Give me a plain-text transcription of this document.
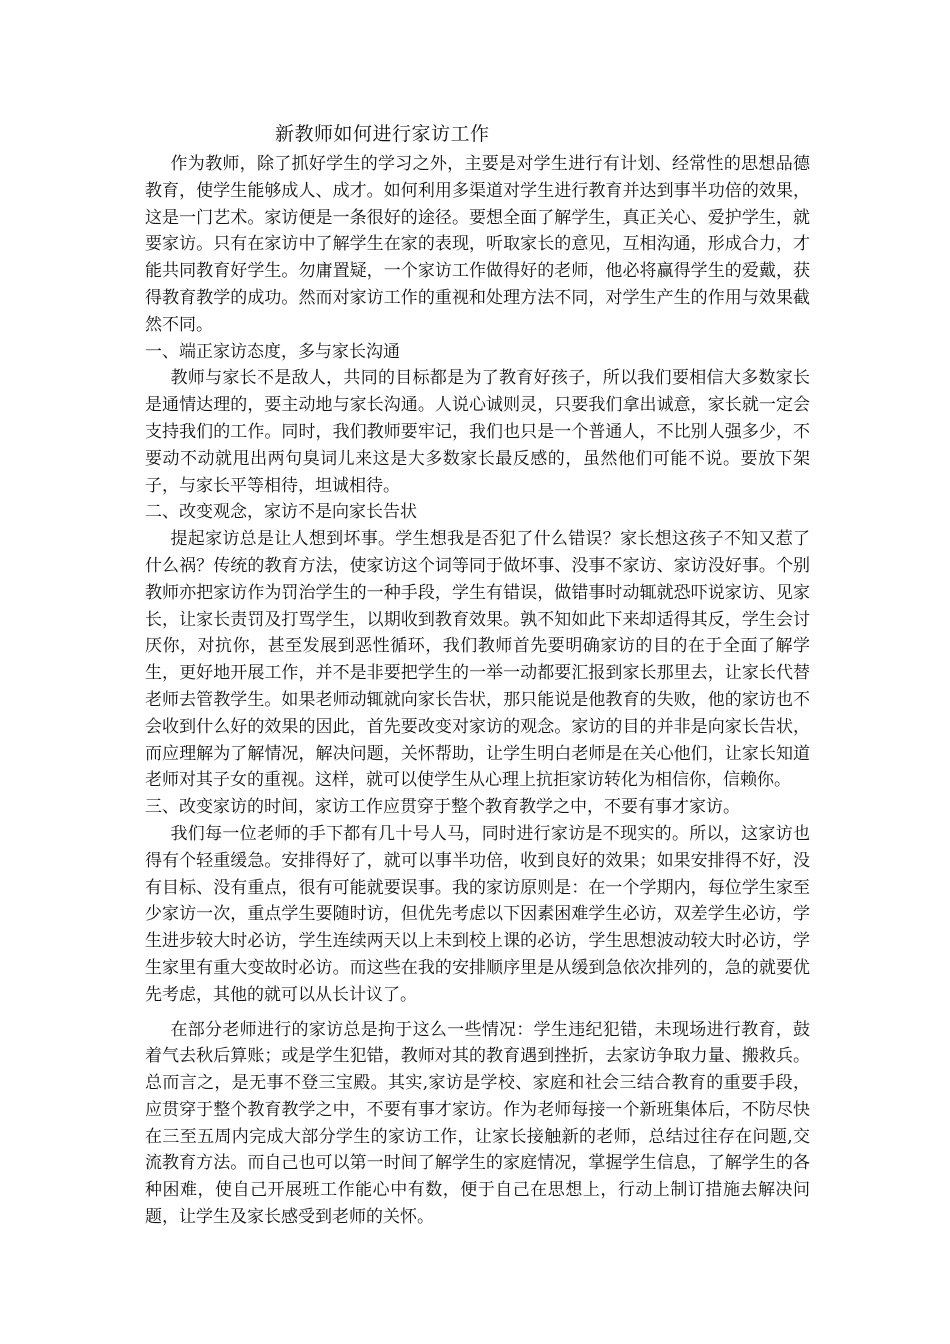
新教师如何进行家访工作

作为教师，除了抓好学生的学习之外，主要是对学生进行有计划、经常性的思想品德教育，使学生能够成人、成才。如何利用多渠道对学生进行教育并达到事半功倍的效果，这是一门艺术。家访便是一条很好的途径。要想全面了解学生，真正关心、爱护学生，就要家访。只有在家访中了解学生在家的表现，听取家长的意见，互相沟通，形成合力，才能共同教育好学生。勿庸置疑，一个家访工作做得好的老师，他必将赢得学生的爱戴，获得教育教学的成功。然而对家访工作的重视和处理方法不同，对学生产生的作用与效果截然不同。

一、端正家访态度，多与家长沟通

教师与家长不是敌人，共同的目标都是为了教育好孩子，所以我们要相信大多数家长是通情达理的，要主动地与家长沟通。人说心诚则灵，只要我们拿出诚意，家长就一定会支持我们的工作。同时，我们教师要牢记，我们也只是一个普通人，不比别人强多少，不要动不动就甩出两句臭词儿来这是大多数家长最反感的，虽然他们可能不说。要放下架子，与家长平等相待，坦诚相待。

二、改变观念，家访不是向家长告状

提起家访总是让人想到坏事。学生想我是否犯了什么错误？家长想这孩子不知又惹了什么祸？传统的教育方法，使家访这个词等同于做坏事、没事不家访、家访没好事。个别教师亦把家访作为罚治学生的一种手段，学生有错误，做错事时动辄就恐吓说家访、见家长，让家长责罚及打骂学生，以期收到教育效果。孰不知如此下来却适得其反，学生会讨厌你，对抗你，甚至发展到恶性循环，我们教师首先要明确家访的目的在于全面了解学生，更好地开展工作，并不是非要把学生的一举一动都要汇报到家长那里去，让家长代替老师去管教学生。如果老师动辄就向家长告状，那只能说是他教育的失败，他的家访也不会收到什么好的效果的因此，首先要改变对家访的观念。家访的目的并非是向家长告状，而应理解为了解情况，解决问题，关怀帮助，让学生明白老师是在关心他们，让家长知道老师对其子女的重视。这样，就可以使学生从心理上抗拒家访转化为相信你，信赖你。

三、改变家访的时间，家访工作应贯穿于整个教育教学之中，不要有事才家访。

我们每一位老师的手下都有几十号人马，同时进行家访是不现实的。所以，这家访也得有个轻重缓急。安排得好了，就可以事半功倍，收到良好的效果；如果安排得不好，没有目标、没有重点，很有可能就要误事。我的家访原则是：在一个学期内，每位学生家至少家访一次，重点学生要随时访，但优先考虑以下因素困难学生必访，双差学生必访，学生进步较大时必访，学生连续两天以上未到校上课的必访，学生思想波动较大时必访，学生家里有重大变故时必访。而这些在我的安排顺序里是从缓到急依次排列的，急的就要优先考虑，其他的就可以从长计议了。

在部分老师进行的家访总是拘于这么一些情况：学生违纪犯错，未现场进行教育，鼓着气去秋后算账；或是学生犯错，教师对其的教育遇到挫折，去家访争取力量、搬救兵。总而言之，是无事不登三宝殿。其实,家访是学校、家庭和社会三结合教育的重要手段，应贯穿于整个教育教学之中，不要有事才家访。作为老师每接一个新班集体后，不防尽快在三至五周内完成大部分学生的家访工作，让家长接触新的老师，总结过往存在问题,交流教育方法。而自己也可以第一时间了解学生的家庭情况，掌握学生信息，了解学生的各种困难，使自己开展班工作能心中有数，便于自己在思想上，行动上制订措施去解决问题，让学生及家长感受到老师的关怀。
